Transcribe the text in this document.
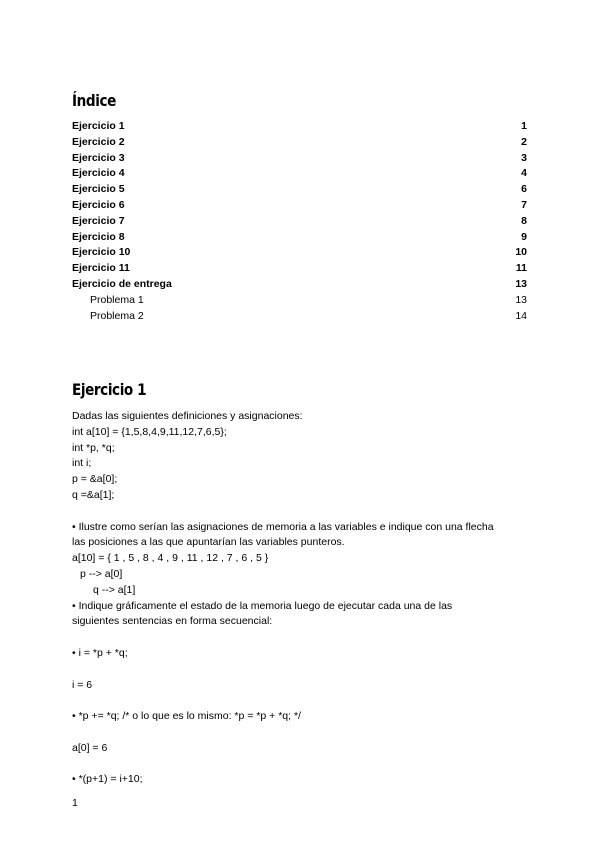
Índice
Ejercicio 1	1
Ejercicio 2	2
Ejercicio 3	3
Ejercicio 4	4
Ejercicio 5	6
Ejercicio 6	7
Ejercicio 7	8
Ejercicio 8	9
Ejercicio 10	10
Ejercicio 11	11
Ejercicio de entrega	13
Problema 1	13
Problema 2	14
Ejercicio 1

Dadas las siguientes definiciones y asignaciones:

int a[10] = {1,5,8,4,9,11,12,7,6,5};

int *p, *q;

int i;

p = &a[0];

q =&a[1];

• Ilustre como serían las asignaciones de memoria a las variables e indique con una flecha las posiciones a las que apuntarían las variables punteros.

a[10] = { 1 , 5 , 8 , 4 , 9 , 11 , 12 , 7 , 6 , 5 }

p --> a[0]

q --> a[1]

• Indique gráficamente el estado de la memoria luego de ejecutar cada una de las siguientes sentencias en forma secuencial:

• i = *p + *q;

i = 6

• *p += *q; /* o lo que es lo mismo: *p = *p + *q; */

a[0] = 6

• *(p+1) = i+10;

1
